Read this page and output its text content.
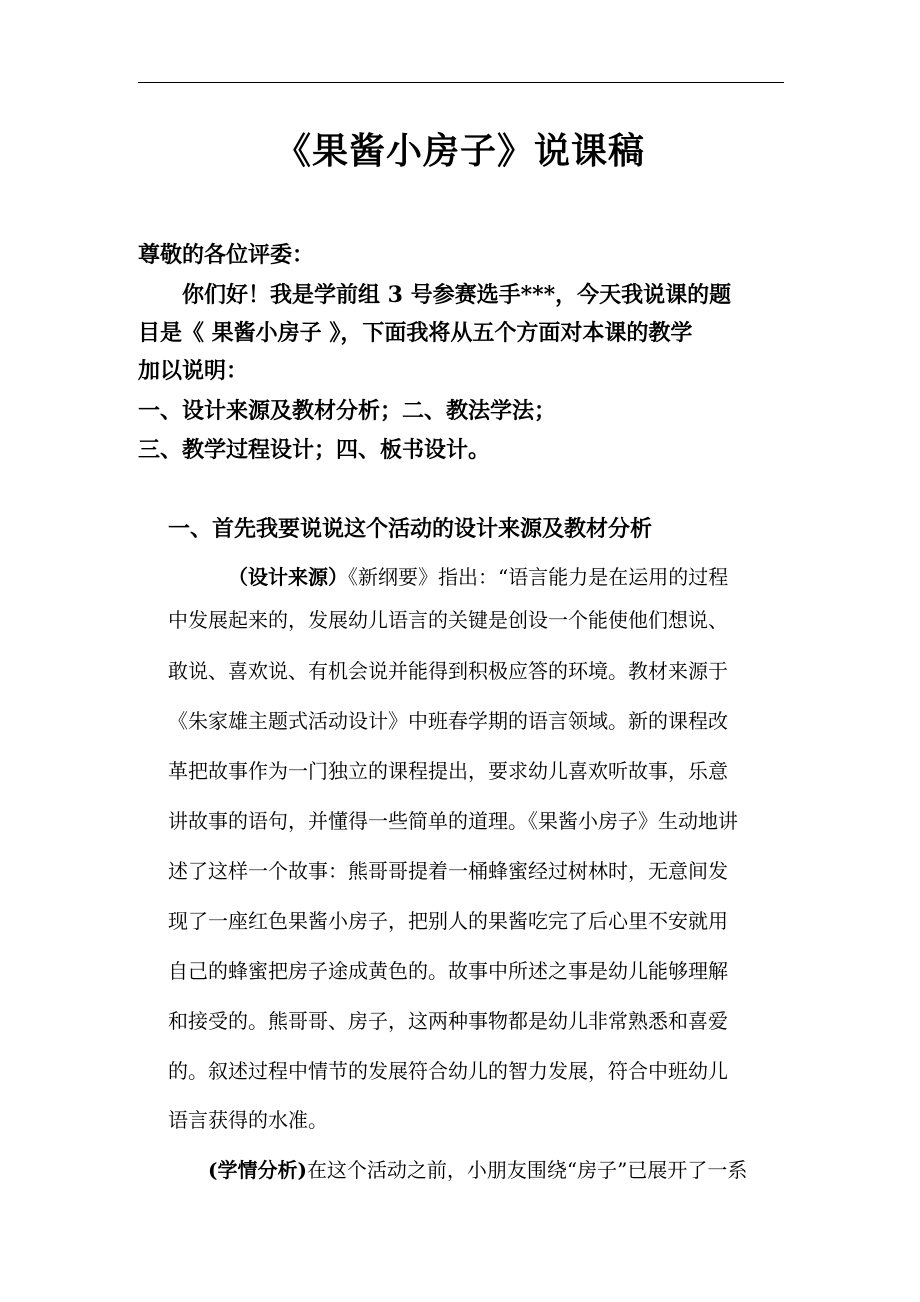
《果酱小房子》说课稿
尊敬的各位评委：
你们好！我是学前组 3 号参赛选手***，今天我说课的题
目是《 果酱小房子 》，下面我将从五个方面对本课的教学
加以说明：
一、设计来源及教材分析；二、教法学法；
三、教学过程设计；四、板书设计。
一、首先我要说说这个活动的设计来源及教材分析
（设计来源）《新纲要》指出：“语言能力是在运用的过程
中发展起来的，发展幼儿语言的关键是创设一个能使他们想说、
敢说、喜欢说、有机会说并能得到积极应答的环境。教材来源于
《朱家雄主题式活动设计》中班春学期的语言领域。新的课程改
革把故事作为一门独立的课程提出，要求幼儿喜欢听故事，乐意
讲故事的语句，并懂得一些简单的道理。《果酱小房子》生动地讲
述了这样一个故事：熊哥哥提着一桶蜂蜜经过树林时，无意间发
现了一座红色果酱小房子，把别人的果酱吃完了后心里不安就用
自己的蜂蜜把房子途成黄色的。故事中所述之事是幼儿能够理解
和接受的。熊哥哥、房子，这两种事物都是幼儿非常熟悉和喜爱
的。叙述过程中情节的发展符合幼儿的智力发展，符合中班幼儿
语言获得的水准。
(学情分析)在这个活动之前，小朋友围绕“房子”已展开了一系
